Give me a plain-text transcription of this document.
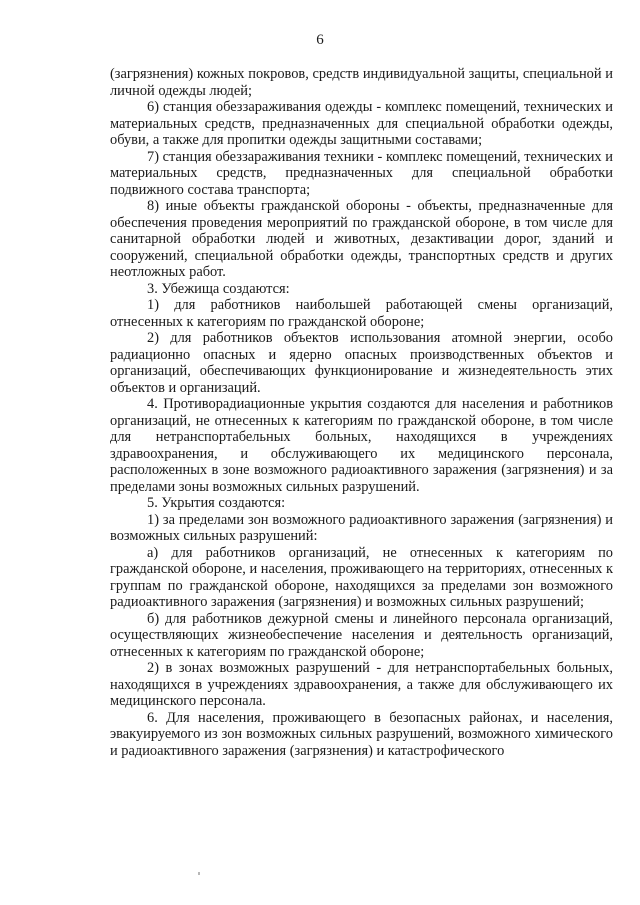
6

(загрязнения) кожных покровов, средств индивидуальной защиты, специальной и личной одежды людей;

6) станция обеззараживания одежды - комплекс помещений, технических и материальных средств, предназначенных для специальной обработки одежды, обуви, а также для пропитки одежды защитными составами;

7) станция обеззараживания техники - комплекс помещений, технических и материальных средств, предназначенных для специальной обработки подвижного состава транспорта;

8) иные объекты гражданской обороны - объекты, предназначенные для обеспечения проведения мероприятий по гражданской обороне, в том числе для санитарной обработки людей и животных, дезактивации дорог, зданий и сооружений, специальной обработки одежды, транспортных средств и других неотложных работ.

3. Убежища создаются:

1) для работников наибольшей работающей смены организаций, отнесенных к категориям по гражданской обороне;

2) для работников объектов использования атомной энергии, особо радиационно опасных и ядерно опасных производственных объектов и организаций, обеспечивающих функционирование и жизнедеятельность этих объектов и организаций.

4. Противорадиационные укрытия создаются для населения и работников организаций, не отнесенных к категориям по гражданской обороне, в том числе для нетранспортабельных больных, находящихся в учреждениях здравоохранения, и обслуживающего их медицинского персонала, расположенных в зоне возможного радиоактивного заражения (загрязнения) и за пределами зоны возможных сильных разрушений.

5. Укрытия создаются:

1) за пределами зон возможного радиоактивного заражения (загрязнения) и возможных сильных разрушений:

а) для работников организаций, не отнесенных к категориям по гражданской обороне, и населения, проживающего на территориях, отнесенных к группам по гражданской обороне, находящихся за пределами зон возможного радиоактивного заражения (загрязнения) и возможных сильных разрушений;

б) для работников дежурной смены и линейного персонала организаций, осуществляющих жизнеобеспечение населения и деятельность организаций, отнесенных к категориям по гражданской обороне;

2) в зонах возможных разрушений - для нетранспортабельных больных, находящихся в учреждениях здравоохранения, а также для обслуживающего их медицинского персонала.

6. Для населения, проживающего в безопасных районах, и населения, эвакуируемого из зон возможных сильных разрушений, возможного химического и радиоактивного заражения (загрязнения) и катастрофического
